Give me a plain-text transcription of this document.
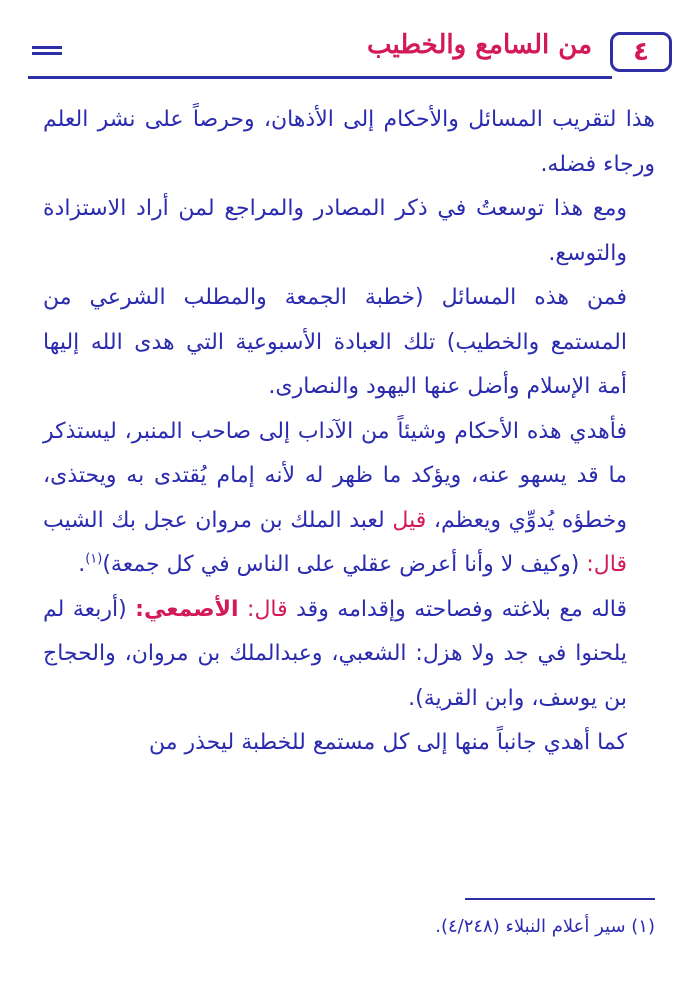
٤
من السامع والخطيب

هذا لتقريب المسائل والأحكام إلى الأذهان، وحرصاً على نشر العلم ورجاء فضله.

ومع هذا توسعتُ في ذكر المصادر والمراجع لمن أراد الاستزادة والتوسع.

فمن هذه المسائل (خطبة الجمعة والمطلب الشرعي من المستمع والخطيب) تلك العبادة الأسبوعية التي هدى الله إليها أمة الإسلام وأضل عنها اليهود والنصارى.

فأهدي هذه الأحكام وشيئاً من الآداب إلى صاحب المنبر، ليستذكر ما قد يسهو عنه، ويؤكد ما ظهر له لأنه إمام يُقتدى به ويحتذى، وخطؤه يُدوِّي ويعظم، قيل لعبد الملك بن مروان عجل بك الشيب قال: (وكيف لا وأنا أعرض عقلي على الناس في كل جمعة)$^{(١)}$.

قاله مع بلاغته وفصاحته وإقدامه وقد قال: الأصمعي: (أربعة لم يلحنوا في جد ولا هزل: الشعبي، وعبدالملك بن مروان، والحجاج بن يوسف، وابن القرية).

كما أهدي جانباً منها إلى كل مستمع للخطبة ليحذر من

(١) سير أعلام النبلاء (٤/٢٤٨).
